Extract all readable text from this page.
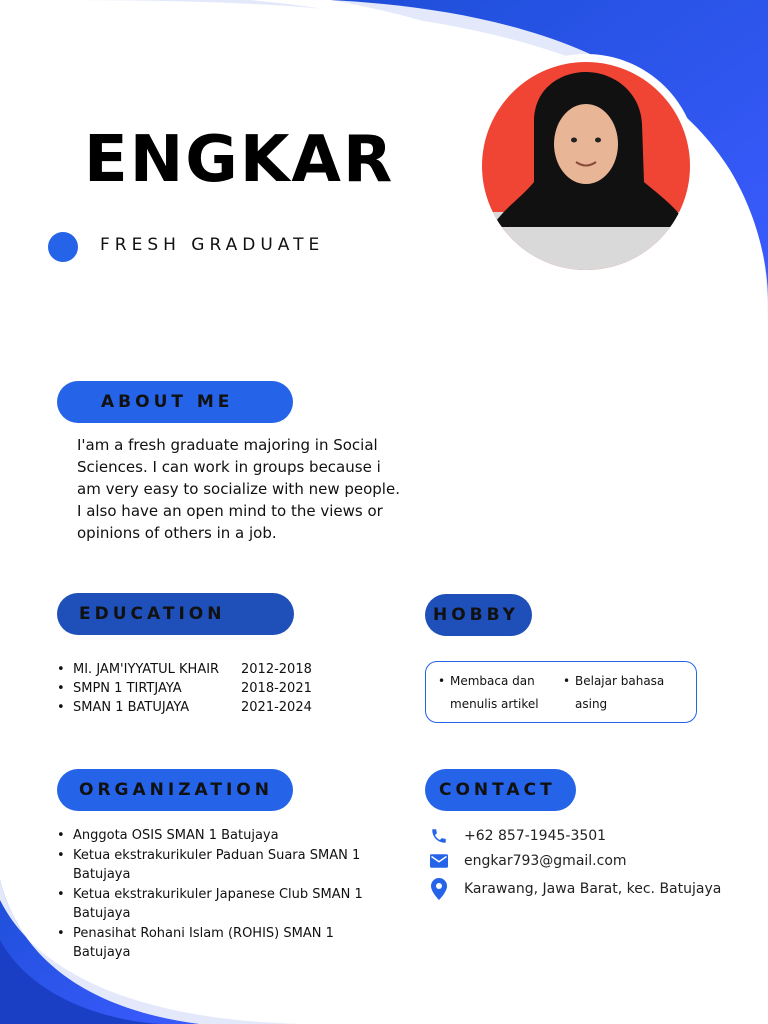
ENGKAR
FRESH GRADUATE
ABOUT ME
I'am a fresh graduate majoring in Social Sciences. I can work in groups because i am very easy to socialize with new people. I also have an open mind to the views or opinions of others in a job.
EDUCATION
• MI. JAM'IYYATUL KHAIR	2012-2018
• SMPN 1 TIRTJAYA	2018-2021
• SMAN 1 BATUJAYA	2021-2024
HOBBY
• Membaca dan menulis artikel
• Belajar bahasa asing
ORGANIZATION
• Anggota OSIS SMAN 1 Batujaya
• Ketua ekstrakurikuler Paduan Suara SMAN 1 Batujaya
• Ketua ekstrakurikuler Japanese Club SMAN 1 Batujaya
• Penasihat Rohani Islam (ROHIS) SMAN 1 Batujaya
CONTACT
+62 857-1945-3501
engkar793@gmail.com
Karawang, Jawa Barat, kec. Batujaya
